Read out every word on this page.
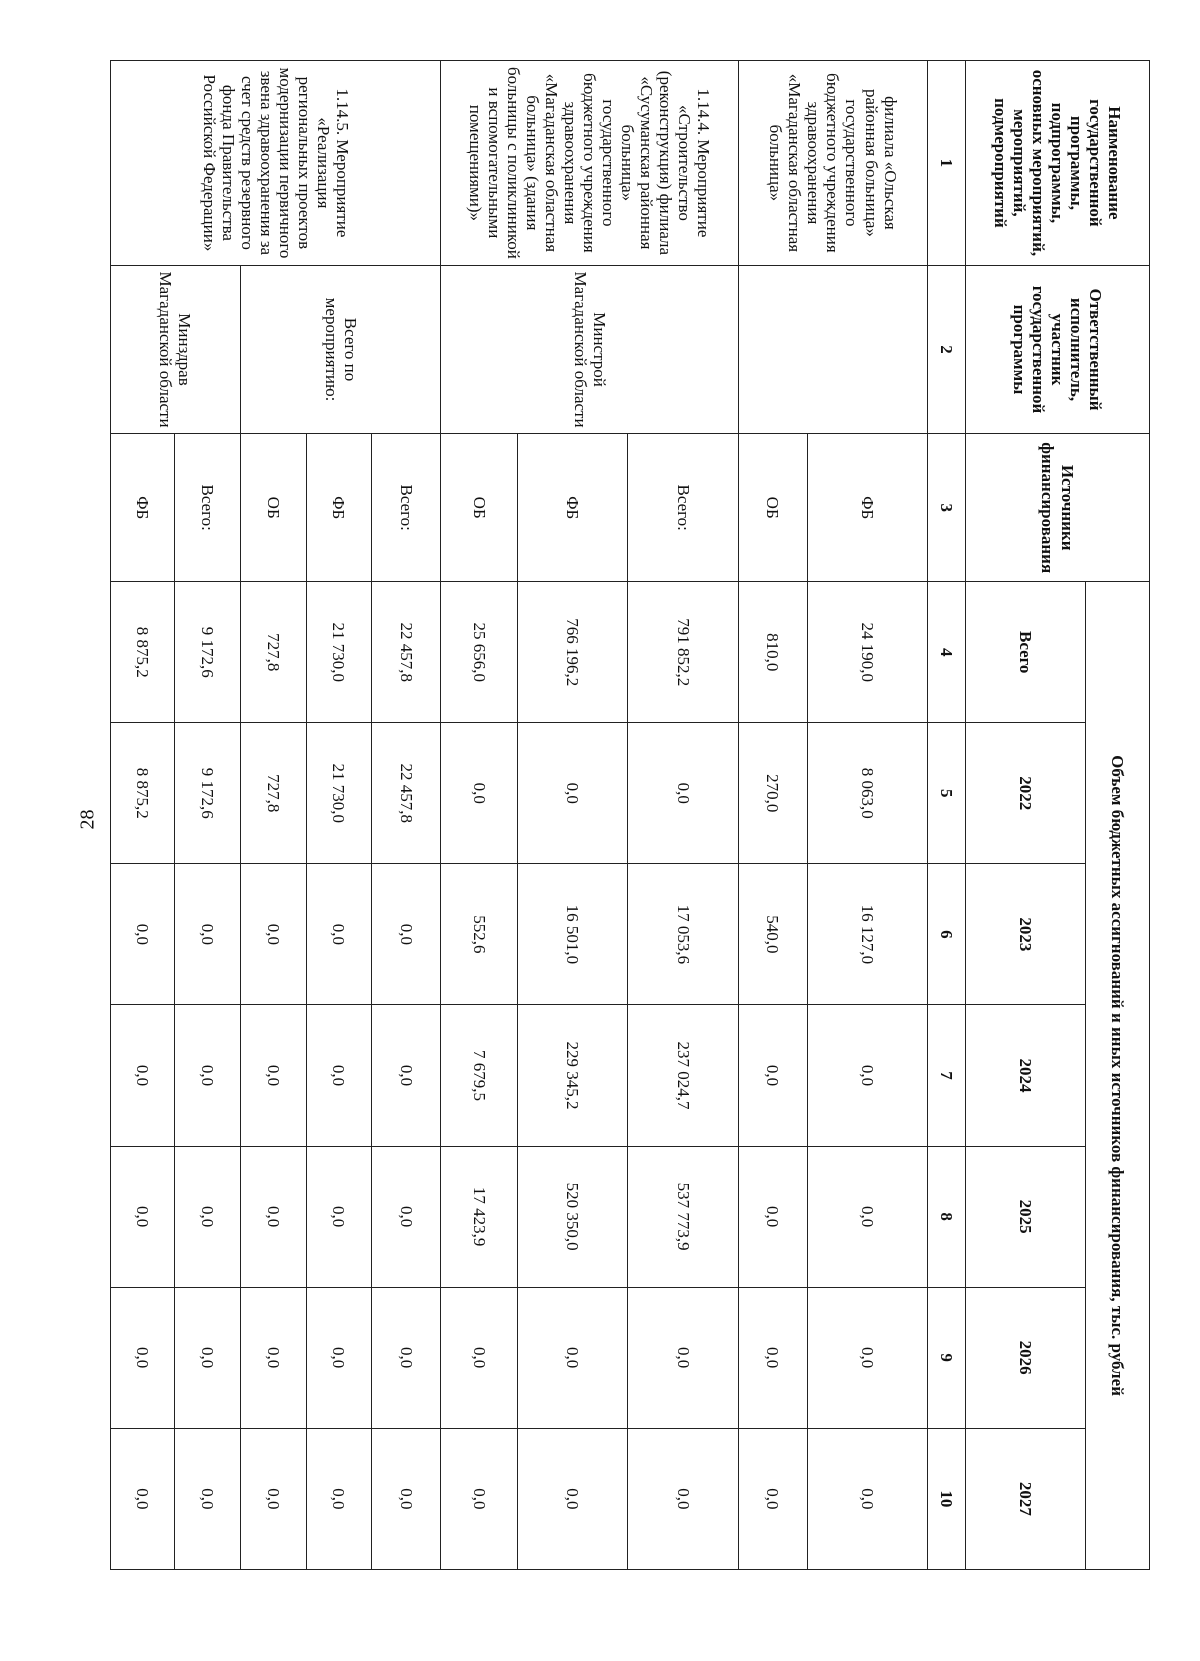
28
Наименование государственной программы, подпрограммы, основных мероприятий, мероприятий, подмероприятий	Ответственный исполнитель, участник государственной программы	Источники финансирования	Объем бюджетных ассигнований и иных источников финансирования, тыс. рублей						
			Всего	2022	2023	2024	2025	2026	2027
1	2	3	4	5	6	7	8	9	10
филиала «Ольская районная больница» государственного бюджетного учреждения здравоохранения «Магаданская областная больница»		ФБ	24 190,0	8 063,0	16 127,0	0,0	0,0	0,0	0,0
		ОБ	810,0	270,0	540,0	0,0	0,0	0,0	0,0
1.14.4. Мероприятие «Строительство (реконструкция) филиала «Сусуманская районная больница» государственного бюджетного учреждения здравоохранения «Магаданская областная больница» (здания больницы с поликлиникой и вспомогательными помещениями)»	Минстрой Магаданской области	Всего:	791 852,2	0,0	17 053,6	237 024,7	537 773,9	0,0	0,0
		ФБ	766 196,2	0,0	16 501,0	229 345,2	520 350,0	0,0	0,0
		ОБ	25 656,0	0,0	552,6	7 679,5	17 423,9	0,0	0,0
1.14.5. Мероприятие «Реализация региональных проектов модернизации первичного звена здравоохранения за счет средств резервного фонда Правительства Российской Федерации»	Всего по мероприятию:	Всего:	22 457,8	22 457,8	0,0	0,0	0,0	0,0	0,0
		ФБ	21 730,0	21 730,0	0,0	0,0	0,0	0,0	0,0
		ОБ	727,8	727,8	0,0	0,0	0,0	0,0	0,0
	Минздрав Магаданской области	Всего:	9 172,6	9 172,6	0,0	0,0	0,0	0,0	0,0
		ФБ	8 875,2	8 875,2	0,0	0,0	0,0	0,0	0,0
